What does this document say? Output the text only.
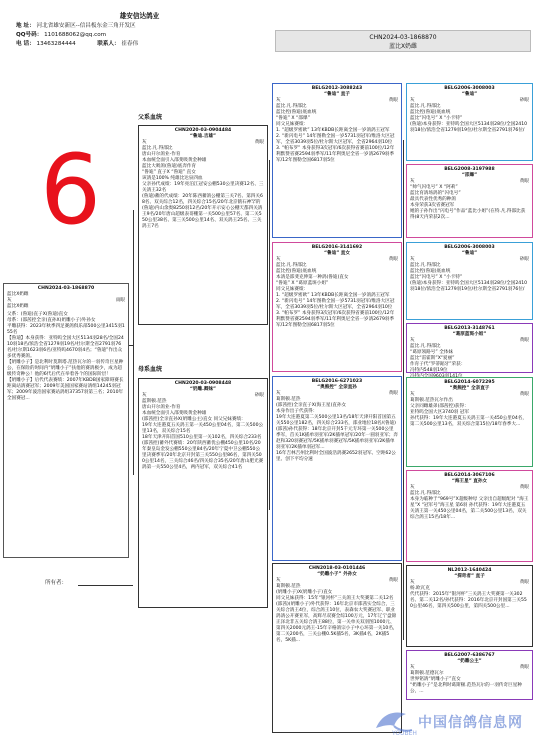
雄安信达鸽业
地 址： 河北省雄安新区--信昌板东金三角开发区
QQ号码： 1101688062@qq.com
电 话： 13463284444	联系人： 崔春伟
6
CHN2024-03-1868870
蓝比X奶雌
灰	雨眼
蓝比X奶雌
父系：(鲁迪)直子X(鲁迪)直女
母系：(邵茜控全亲)直孙X(奶雕小子)外孙女
平雕获得：2023年秋季四足赛鸽俱乐部500公里3415羽155名
【鲁迪】本身获得：亚特呜全国大区5134羽28名/全国2410羽18名/浓浩全省1279羽19名/杜尔斯全省2791羽76名/杜尔斯1623羽6名/亚特呜4670羽4名；“鲁迪”作出众多优秀赛鸽。
【奶雕小子】是北利时莫斯塔.范热瓦尔的一羽传奇巨星种公，在保险的时间内“奶雕小子”扶他的赛鸽极少，成为超级传奇种公！他的6代后代在举着各个的国际阶层！
【奶雕小子】后代代表赛绩：2007年KBDB国家障碍赛长距离站鸽赛冠军；2009年美国国家赛站鸽组14245羽冠军；2009年波浩国家赛站鸽组37357羽第三名；2010年全国赛冠...
所有者：
CHN2024-03-1868870
蓝比X奶雌
父系血统
母系血统
CHN2020-03-0904484
“鲁迪.吉雄”
灰	黄眼
蓝比.凡.得邵比
唐山开尔鸽业-作育
本血统全面引入邵斐吸黄金种雄
蓝比大吸鸽(鲁迪)底奔作育
“鲁迪” 直子X “鲁迪” 直女
该鸽是100% 纯雄比达泉四血
父亲孙代成绩：19年亮泊江冠安公棚530公里决赛12名、三关鸽王32名
(鲁迪)蓄的代成绩：20年陈西蓄鸽公棚第三关7名、第四关68名、双关综合12名，四关综合15名/20年北京鹤石神罕的(鲁迪)内山余奥8250羽12名/20年开示安心公棚天都四关鸽王9名/20年唐山超级表哥棚第一关500公里57名、第二关550公里38名、第三关500公里14名、双关鸽王25名、三关鸽王7名
CHN2020-03-0908448
“奶雕.卿妹”
灰	砂眼
蓝斯顿.范热
唐山开尔鸽业-作育
本血统全面引入邵斐吸黄金种雄
(邵茜控)全亲直孙X(奶雕公主)直女 同父兄妹赛绩：
19年大连港夏五关鸽王第一关450公里04名，第二关500公里13名，双关综合15名
18年天津开阳首国510公里第一关102名，四关综合233名
(邵茜控)蓄外代赛绩：20年陕西蓄优公棚450公里10名/20年秦皇岛金发公棚550公里84名/20年宁夏中卫公棚550公里决赛季军/20年北京开封第三关550公里86名，第四关500公里14名，三关综合46名/四关综合35名/20年唐山肥光赛鸽第一关550公里4名，两内冠军，双关综合41名
BELG2012-3088243
“鲁迪” 直子
灰	黄眼
蓝比.凡.得邵比
蓝比控(鲁迪)底血统
“鲁迪” X “邵爆”
同父兄妹赛绩：
1. “超级罗密欧” 13年KBDB长距离全国一岁鸽鸽王冠军
2. “新闪电号” 14年图勒全国一岁5731羽冠军/维洛大区冠军，全省3039羽5位/杜尔斯大区冠军，全省2964羽10位
3. “帕布罗” 本身获得3次冠军/6次获得省赛前100位/12年利默赞省赛2594羽季军/11年利奥尼全省一岁鸽2679羽季军/12年图勒全国6817羽5位
BELG2016-3141692
“鲁迪” 直女
灰	黄眼
蓝比.凡.得邵比
蓝比控(鲁迪)底血统
本鸽是邵斐克伸第一种鸽(鲁迪)直女
“鲁迪” X “葛原蓝斑小姐”
同父兄妹赛绩：
1. “超级罗密欧” 13年KBDB长距离全国一岁鸽鸽王冠军
2. “新闪电号” 14年图勒全国一岁5731羽冠军/维洛大区冠军，全省3039羽5位/杜尔斯大区冠军，全省2964羽10位
3. “帕布罗” 本身获得3次冠军/6次获得省赛前100位/12年利默赞省赛2594羽季军/11年利奥尼全省一岁鸽2679羽季军/12年图勒全国6817羽5位
BELG2016-6271023
“奥熊控” 全亲直孙
灰	黄眼
葛斯顿.范热
(邵茜控)全亲直子X(海王星)直孙女
本身作出子代获得：
19年大连港夏第二关500公里13名/18年天津开阳首国第五关550公里182名，四关综合233名，邵业地位18名/(鲁迪)(邵茜)孙代获得：18年北京开封5千元专环第一关500公里季军，首关1K插单羽亚军/2K插单冠军/20年一圆羽亚军；奔赵和320羽赛冠军/5K插单羽赛冠军/5K插单羽亚军/2K插单羽亚军/2K插单羽冠军...
16年吉林吉州比利时全国波浩鸽赛2652羽冠军、空距62公里、创下平均分速
CHN2018-03-0101446
“奶雕小子” 外孙女
灰	黄眼
葛斯顿.范热
(奶雕小子)X(奶雕小子)直女
同父兄妹获得：15年“银河杯”三关鸽王大奖赛第二关12名(邵茜)(奶雕小子)外代获得：16年北京市邵茜实全综合，三关综合鸽王4位，综合鸽王10位，表森农大奖赛冠军、职业鸽鸽公开赛亚军，高辉尽双赛全综100万元，17年辽宁盘锦正泽北非五关综合鸽王88位，第一关单关双羽图1000元、第四关2000元鸽王-15年辛格鸽宗小子中心环第一关10名，第二关200名，三关公棚0.5K插5名，3K插4名，2K插5名，5K插...
BELG2006-3008003
“鲁迪”
灰	砂眼
蓝比.凡.得邵比
蓝比控(鲁迪)底血统
蓝比“闪电号” X “小卡特”
(鲁迪)本身获得：亚特呜全国大区5134羽28位/全国2410羽18位/浓浩全省1279羽19位/杜尔斯全省2791羽76位/
BELG2008-3197988
“邵爆”
灰	黄眼
“帅气闪电号” X “阿莉”
蓝比育鸽场鸽的“闪电号”
最具代表性优秀的种鸽
本身荣获3次省赛冠军
她的子孙作出“闪电号”作品“蓝比小姐”(在特.凡.得邵比获得)8天内荣获2次...
BELG2006-3008003
“鲁迪”
灰	砂眼
蓝比.凡.得邵比
蓝比控(鲁迪)底血统
蓝比“闪电号” X “小卡特”
(鲁迪)本身获得：亚特呜全国大区5134羽28位/全国2410羽18位/浓浩全省1279羽19位/杜尔斯全省2791羽76位/
BELG2013-3148761
“葛原蓝斑小姐”
灰	黄眼
蓝比.凡.得邵比
“葛原领路号” 全体妹
蓝比“雷霍斯”X“爱丽”
作育子代“罗蒂蹈牙”荣获：
冯特内548羽19位
BELG2014-6072295
“奥熊控” 全亲直子
灰	黄眼
葛斯顿.范热瓦尔作出
父亲同雌雄弟(邵茜控)获得：
亚特呜全国大区3740羽 冠军
孙代获得：19年大连港夏五关鸽王第一关450公里04名，第二关500公里13名，双关综合第15位/18年春季大...
BELG2014-3067106
“海王星” 直孙女
灰	黄眼
蓝比.凡.得邵比
本身为临种于“969号”X超级种母 父亲出自超级配对 “海王星”X “冠军号”海王星 第6羽 孙代获得：19年大连港夏五关鸽王第一关450公里04名，第二关500公里13名，双关综合鸽王15名/18年...
NL2012-1640424
“探奇者” 直子
灰	黄眼
杨.欧瓦克
代代获得：2015年“银河杯”三关鸽王大奖赛第一关302名、第二关12名/孙代获得：2016年北京开封国第三关550公里46名，第四关500公里，第四关500公里...
BELG2007-6386767
“奶雕公主”
灰	黄眼
葛斯顿.范德瓦尔
世界铭鸽“奶雕小子”直女
“奶雕小子”是北利时葛斯顿.范热瓦尔的一羽传奇巨星种公，...
中国信鸽信息网
YOUBEH
